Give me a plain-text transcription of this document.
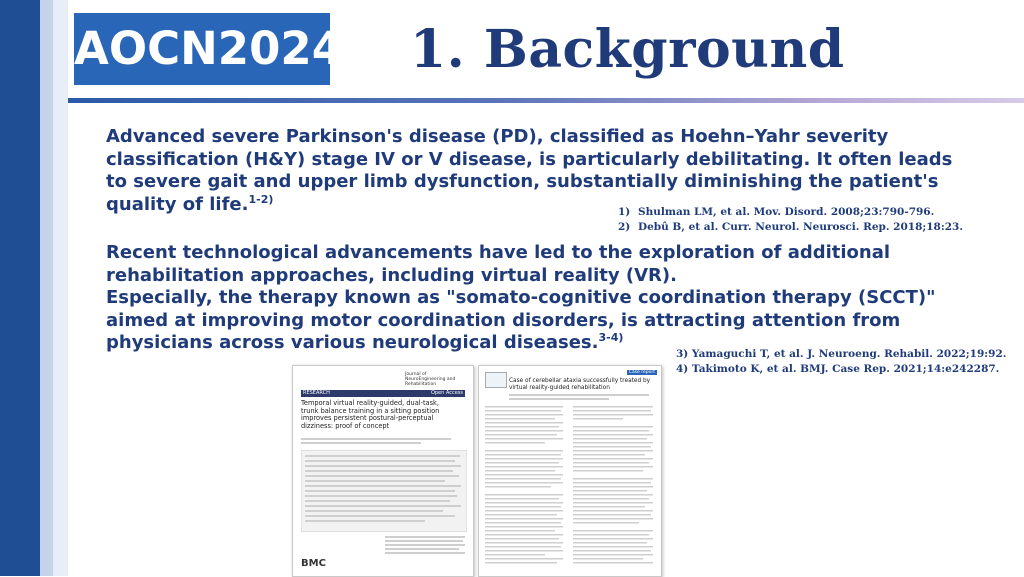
AOCN2024 1. Background

Advanced severe Parkinson's disease (PD), classified as Hoehn–Yahr severity classification (H&Y) stage IV or V disease, is particularly debilitating. It often leads to severe gait and upper limb dysfunction, substantially diminishing the patient's quality of life.$^{1-2)}$

1) Shulman LM, et al. Mov. Disord. 2008;23:790-796.
2) Debû B, et al. Curr. Neurol. Neurosci. Rep. 2018;18:23.

Recent technological advancements have led to the exploration of additional rehabilitation approaches, including virtual reality (VR).
Especially, the therapy known as "somato-cognitive coordination therapy (SCCT)" aimed at improving motor coordination disorders, is attracting attention from physicians across various neurological diseases.$^{3-4)}$

3) Yamaguchi T, et al. J. Neuroeng. Rehabil. 2022;19:92.
4) Takimoto K, et al. BMJ. Case Rep. 2021;14:e242287.
Journal of NeuroEngineering and Rehabilitation
RESEARCH	Open Access
Temporal virtual reality-guided, dual-task, trunk balance training in a sitting position improves persistent postural-perceptual dizziness: proof of concept
BMC
Case report
Case of cerebellar ataxia successfully treated by virtual reality-guided rehabilitation
